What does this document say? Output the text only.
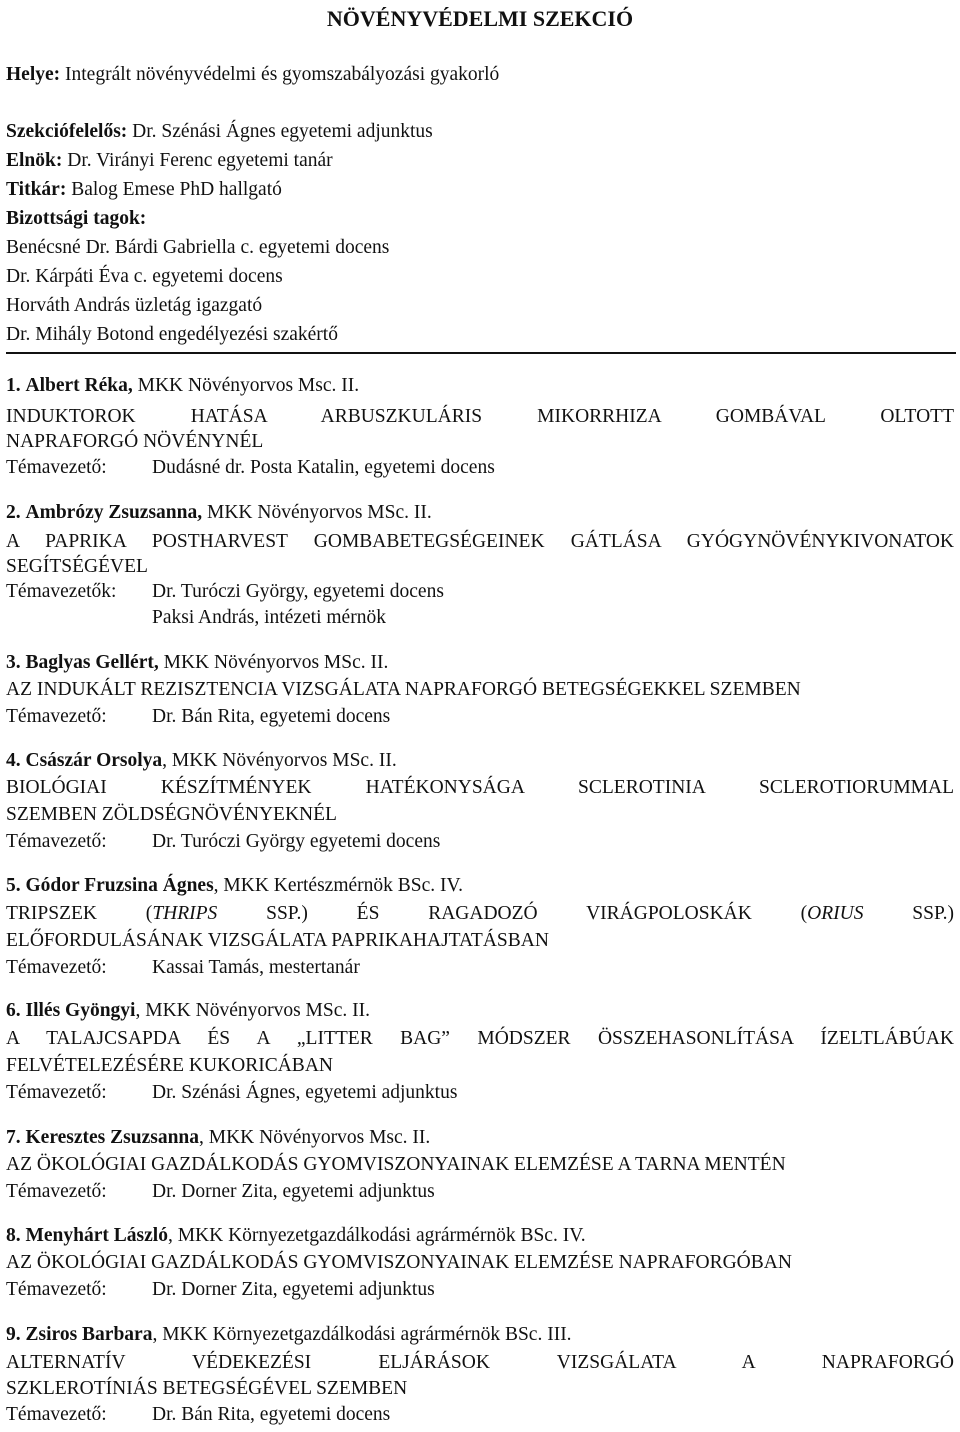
NÖVÉNYVÉDELMI SZEKCIÓ
Helye: Integrált növényvédelmi és gyomszabályozási gyakorló
Szekciófelelős: Dr. Szénási Ágnes egyetemi adjunktus
Elnök: Dr. Virányi Ferenc egyetemi tanár
Titkár: Balog Emese PhD hallgató
Bizottsági tagok:
Benécsné Dr. Bárdi Gabriella c. egyetemi docens
Dr. Kárpáti Éva c. egyetemi docens
Horváth András üzletág igazgató
Dr. Mihály Botond engedélyezési szakértő
1. Albert Réka, MKK Növényorvos Msc. II.
INDUKTOROK HATÁSA ARBUSZKULÁRIS MIKORRHIZA GOMBÁVAL OLTOTT
NAPRAFORGÓ NÖVÉNYNÉL
Témavezető: Dudásné dr. Posta Katalin, egyetemi docens
2. Ambrózy Zsuzsanna, MKK Növényorvos MSc. II.
A PAPRIKA POSTHARVEST GOMBABETEGSÉGEINEK GÁTLÁSA GYÓGYNÖVÉNYKIVONATOK
SEGÍTSÉGÉVEL
Témavezetők: Dr. Turóczi György, egyetemi docens
Paksi András, intézeti mérnök
3. Baglyas Gellért, MKK Növényorvos MSc. II.
AZ INDUKÁLT REZISZTENCIA VIZSGÁLATA NAPRAFORGÓ BETEGSÉGEKKEL SZEMBEN
Témavezető: Dr. Bán Rita, egyetemi docens
4. Császár Orsolya, MKK Növényorvos MSc. II.
BIOLÓGIAI KÉSZÍTMÉNYEK HATÉKONYSÁGA SCLEROTINIA SCLEROTIORUMMAL
SZEMBEN ZÖLDSÉGNÖVÉNYEKNÉL
Témavezető: Dr. Turóczi György egyetemi docens
5. Gódor Fruzsina Ágnes, MKK Kertészmérnök BSc. IV.
TRIPSZEK (THRIPS SSP.) ÉS RAGADOZÓ VIRÁGPOLOSKÁK (ORIUS SSP.)
ELŐFORDULÁSÁNAK VIZSGÁLATA PAPRIKAHAJTATÁSBAN
Témavezető: Kassai Tamás, mestertanár
6. Illés Gyöngyi, MKK Növényorvos MSc. II.
A TALAJCSAPDA ÉS A „LITTER BAG” MÓDSZER ÖSSZEHASONLÍTÁSA ÍZELTLÁBÚAK
FELVÉTELEZÉSÉRE KUKORICÁBAN
Témavezető: Dr. Szénási Ágnes, egyetemi adjunktus
7. Keresztes Zsuzsanna, MKK Növényorvos Msc. II.
AZ ÖKOLÓGIAI GAZDÁLKODÁS GYOMVISZONYAINAK ELEMZÉSE A TARNA MENTÉN
Témavezető: Dr. Dorner Zita, egyetemi adjunktus
8. Menyhárt László, MKK Környezetgazdálkodási agrármérnök BSc. IV.
AZ ÖKOLÓGIAI GAZDÁLKODÁS GYOMVISZONYAINAK ELEMZÉSE NAPRAFORGÓBAN
Témavezető: Dr. Dorner Zita, egyetemi adjunktus
9. Zsiros Barbara, MKK Környezetgazdálkodási agrármérnök BSc. III.
ALTERNATÍV VÉDEKEZÉSI ELJÁRÁSOK VIZSGÁLATA A NAPRAFORGÓ
SZKLEROTÍNIÁS BETEGSÉGÉVEL SZEMBEN
Témavezető: Dr. Bán Rita, egyetemi docens
